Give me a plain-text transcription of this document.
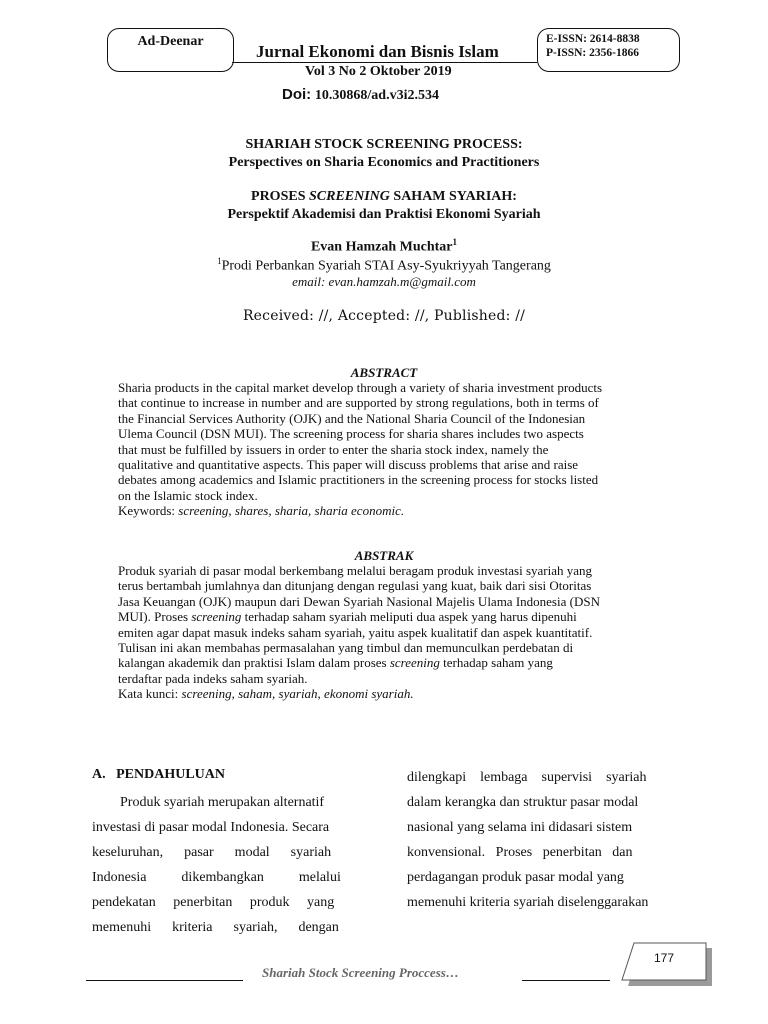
Ad-Deenar
Jurnal Ekonomi dan Bisnis Islam
E-ISSN: 2614-8838
P-ISSN: 2356-1866
Vol 3 No 2 Oktober 2019
Doi: 10.30868/ad.v3i2.534
SHARIAH STOCK SCREENING PROCESS:
Perspectives on Sharia Economics and Practitioners
PROSES SCREENING SAHAM SYARIAH:
Perspektif Akademisi dan Praktisi Ekonomi Syariah
Evan Hamzah Muchtar$^1$
$^1$Prodi Perbankan Syariah STAI Asy-Syukriyyah Tangerang
email: evan.hamzah.m@gmail.com
Received: //, Accepted: //, Published: //
ABSTRACT
Sharia products in the capital market develop through a variety of sharia investment products
that continue to increase in number and are supported by strong regulations, both in terms of
the Financial Services Authority (OJK) and the National Sharia Council of the Indonesian
Ulema Council (DSN MUI). The screening process for sharia shares includes two aspects
that must be fulfilled by issuers in order to enter the sharia stock index, namely the
qualitative and quantitative aspects. This paper will discuss problems that arise and raise
debates among academics and Islamic practitioners in the screening process for stocks listed
on the Islamic stock index.
Keywords: screening, shares, sharia, sharia economic.
ABSTRAK
Produk syariah di pasar modal berkembang melalui beragam produk investasi syariah yang
terus bertambah jumlahnya dan ditunjang dengan regulasi yang kuat, baik dari sisi Otoritas
Jasa Keuangan (OJK) maupun dari Dewan Syariah Nasional Majelis Ulama Indonesia (DSN
MUI). Proses screening terhadap saham syariah meliputi dua aspek yang harus dipenuhi
emiten agar dapat masuk indeks saham syariah, yaitu aspek kualitatif dan aspek kuantitatif.
Tulisan ini akan membahas permasalahan yang timbul dan memunculkan perdebatan di
kalangan akademik dan praktisi Islam dalam proses screening terhadap saham yang
terdaftar pada indeks saham syariah.
Kata kunci: screening, saham, syariah, ekonomi syariah.
A.   PENDAHULUAN
Produk syariah merupakan alternatif
investasi di pasar modal Indonesia. Secara
keseluruhan,      pasar      modal      syariah
Indonesia          dikembangkan          melalui
pendekatan     penerbitan     produk     yang
memenuhi      kriteria      syariah,      dengan
dilengkapi    lembaga    supervisi    syariah
dalam kerangka dan struktur pasar modal
nasional yang selama ini didasari sistem
konvensional.   Proses   penerbitan   dan
perdagangan produk pasar modal yang
memenuhi kriteria syariah diselenggarakan
Shariah Stock Screening Proccess…
177
